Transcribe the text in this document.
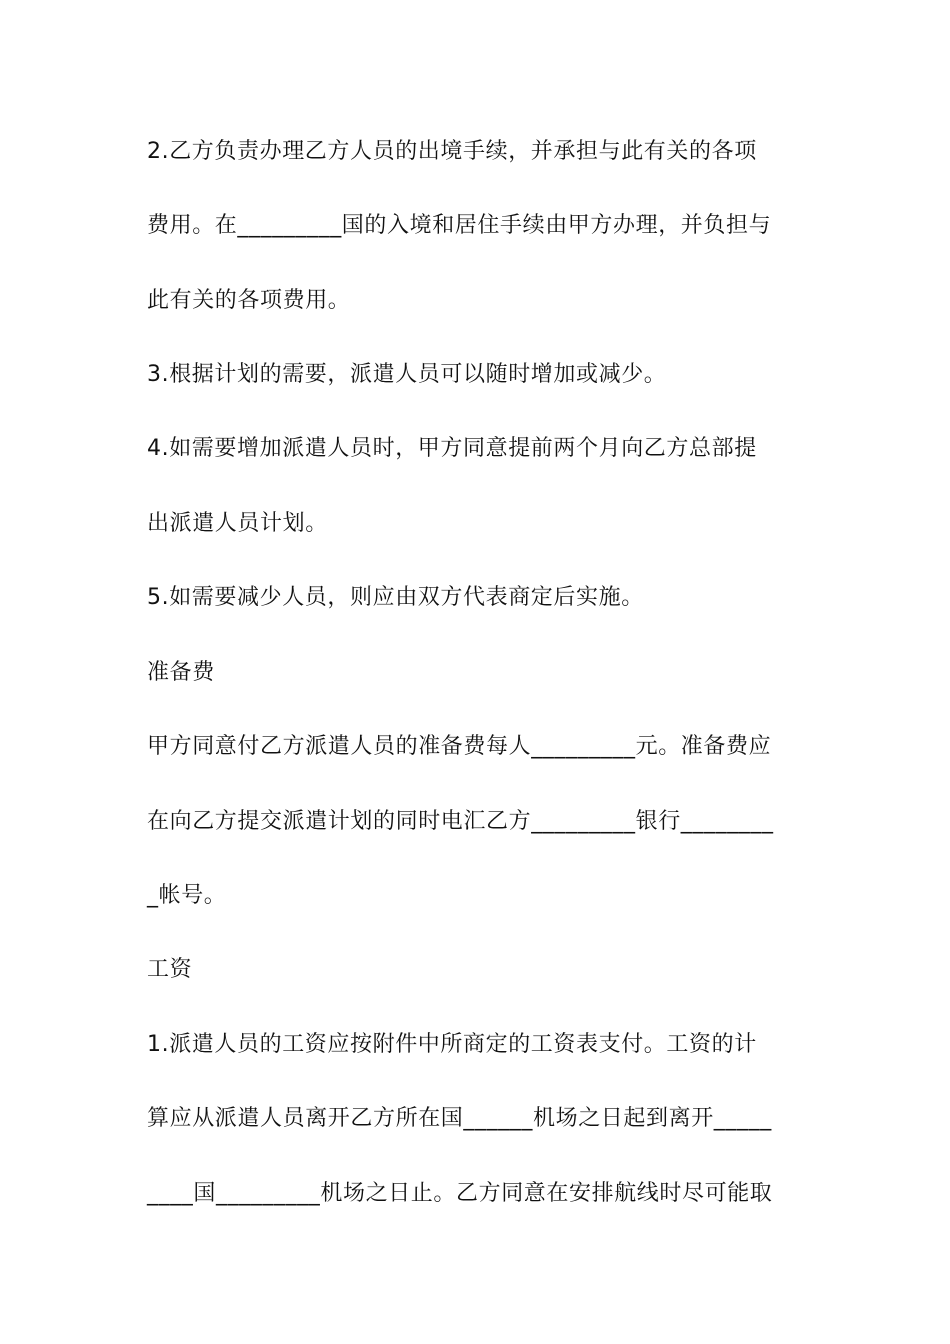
2.乙方负责办理乙方人员的出境手续，并承担与此有关的各项
费用。在_________国的入境和居住手续由甲方办理，并负担与
此有关的各项费用。
3.根据计划的需要，派遣人员可以随时增加或减少。
4.如需要增加派遣人员时，甲方同意提前两个月向乙方总部提
出派遣人员计划。
5.如需要减少人员，则应由双方代表商定后实施。
准备费
甲方同意付乙方派遣人员的准备费每人_________元。准备费应
在向乙方提交派遣计划的同时电汇乙方_________银行________
_帐号。
工资
1.派遣人员的工资应按附件中所商定的工资表支付。工资的计
算应从派遣人员离开乙方所在国______机场之日起到离开_____
____国_________机场之日止。乙方同意在安排航线时尽可能取
